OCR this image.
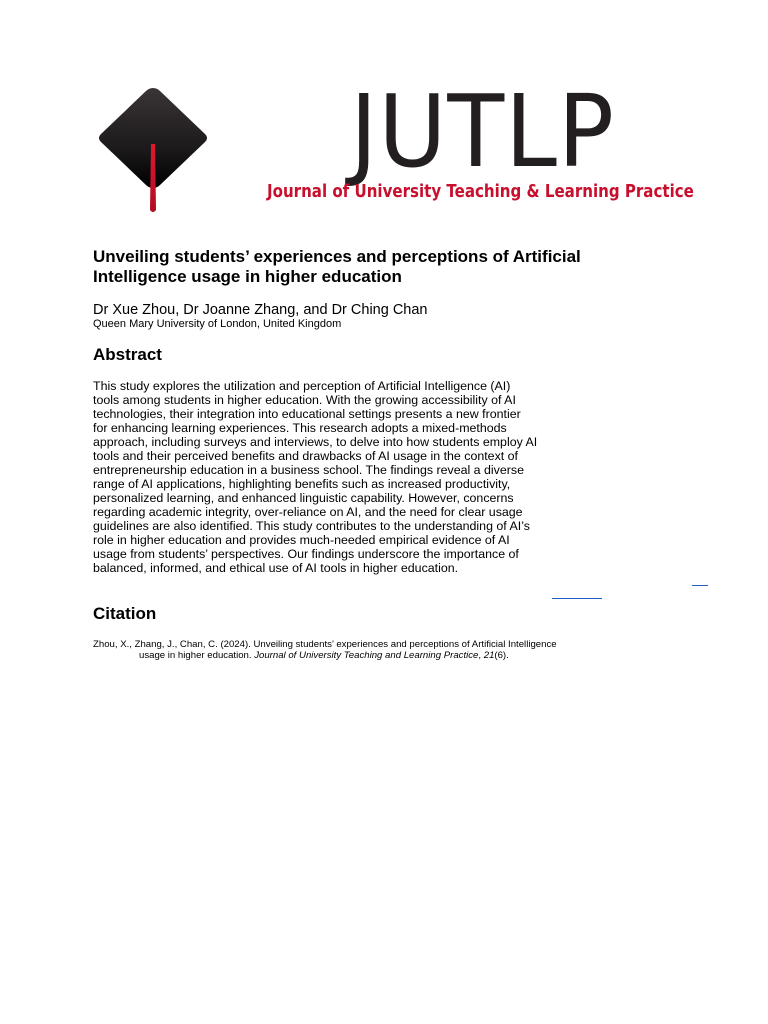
JUTLP
Journal of University Teaching & Learning Practice
Unveiling students’ experiences and perceptions of Artificial Intelligence usage in higher education

Dr Xue Zhou, Dr Joanne Zhang, and Dr Ching Chan

Queen Mary University of London, United Kingdom

Abstract

This study explores the utilization and perception of Artificial Intelligence (AI) tools among students in higher education. With the growing accessibility of AI technologies, their integration into educational settings presents a new frontier for enhancing learning experiences. This research adopts a mixed-methods approach, including surveys and interviews, to delve into how students employ AI tools and their perceived benefits and drawbacks of AI usage in the context of entrepreneurship education in a business school. The findings reveal a diverse range of AI applications, highlighting benefits such as increased productivity, personalized learning, and enhanced linguistic capability. However, concerns regarding academic integrity, over-reliance on AI, and the need for clear usage guidelines are also identified. This study contributes to the understanding of AI’s role in higher education and provides much-needed empirical evidence of AI usage from students’ perspectives. Our findings underscore the importance of balanced, informed, and ethical use of AI tools in higher education.

Citation

Zhou, X., Zhang, J., Chan, C. (2024). Unveiling students’ experiences and perceptions of Artificial Intelligence usage in higher education. Journal of University Teaching and Learning Practice, 21(6).
